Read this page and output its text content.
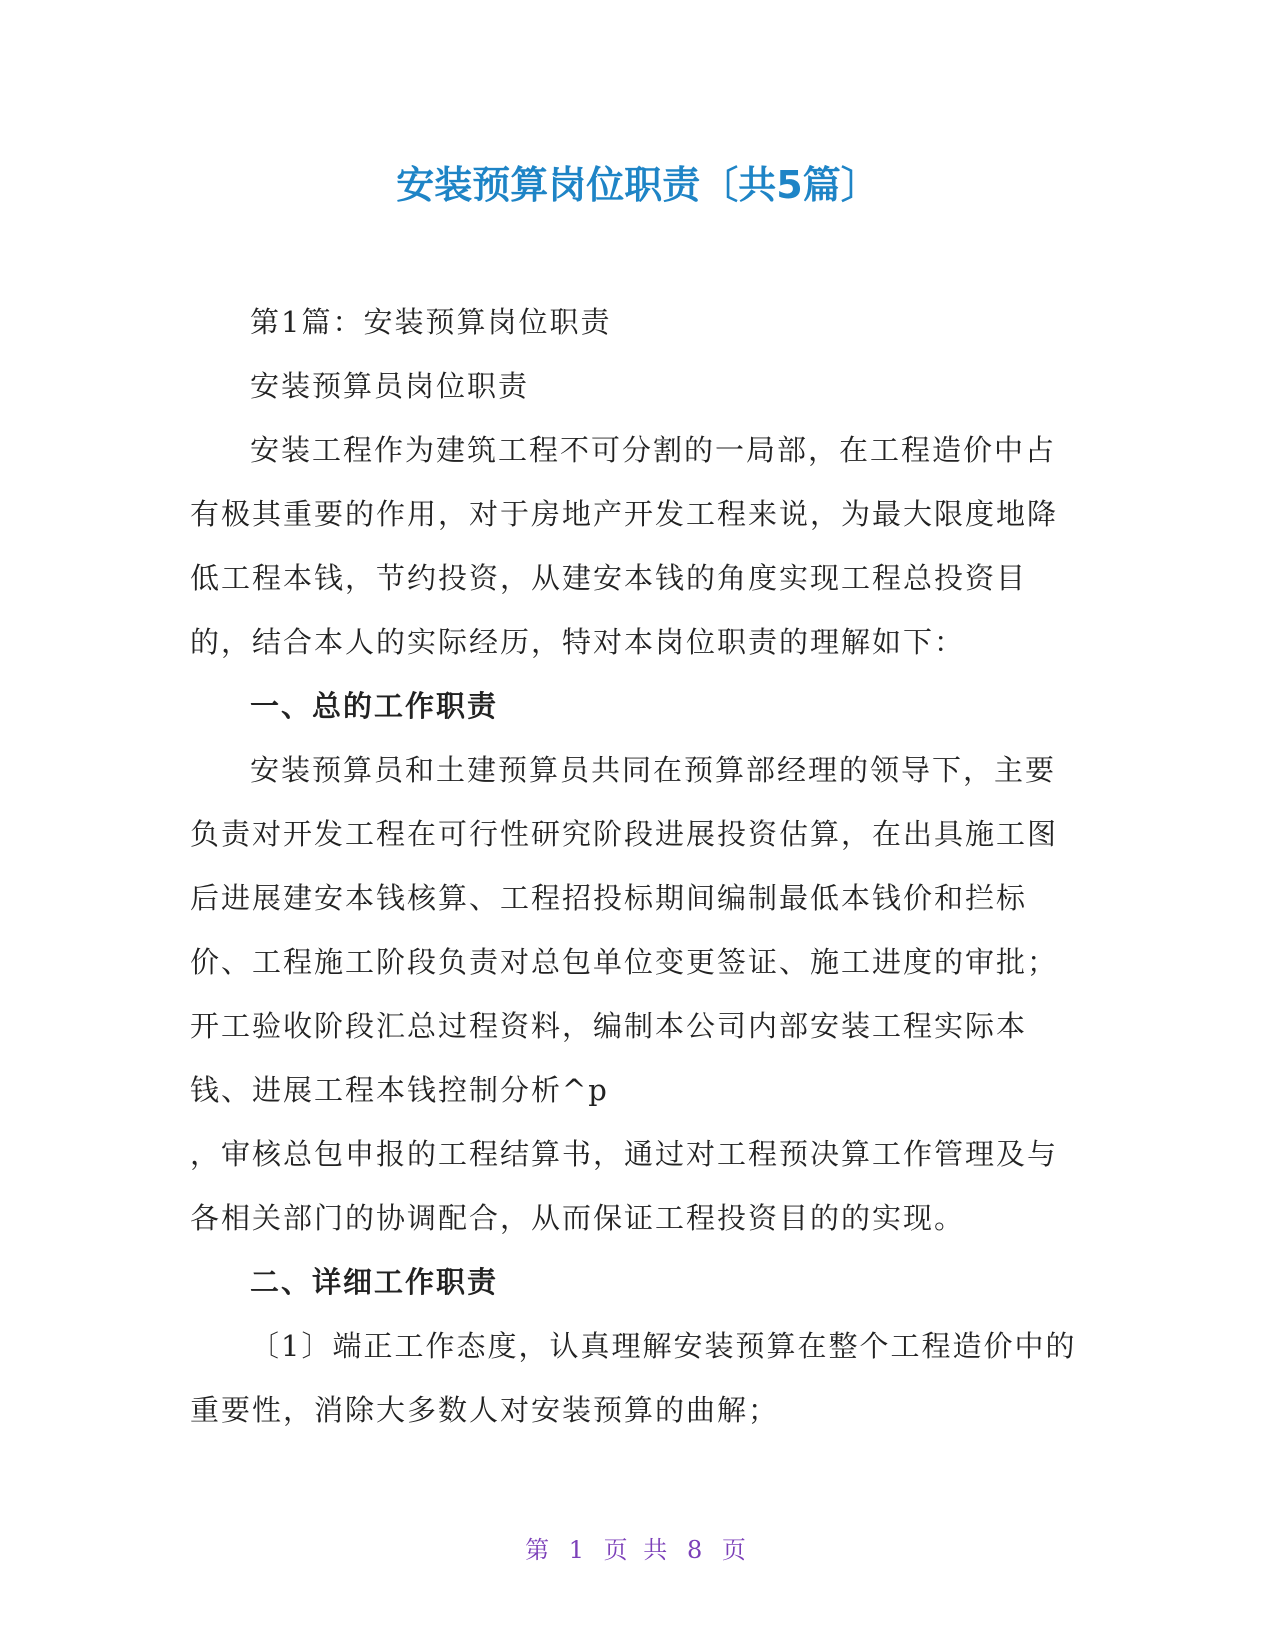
安装预算岗位职责〔共5篇〕

第1篇：安装预算岗位职责

安装预算员岗位职责

安装工程作为建筑工程不可分割的一局部，在工程造价中占有极其重要的作用，对于房地产开发工程来说，为最大限度地降低工程本钱，节约投资，从建安本钱的角度实现工程总投资目的，结合本人的实际经历，特对本岗位职责的理解如下：

一、总的工作职责

安装预算员和土建预算员共同在预算部经理的领导下，主要负责对开发工程在可行性研究阶段进展投资估算，在出具施工图后进展建安本钱核算、工程招投标期间编制最低本钱价和拦标价、工程施工阶段负责对总包单位变更签证、施工进度的审批；开工验收阶段汇总过程资料，编制本公司内部安装工程实际本钱、进展工程本钱控制分析^p

，审核总包申报的工程结算书，通过对工程预决算工作管理及与各相关部门的协调配合，从而保证工程投资目的的实现。

二、详细工作职责

〔1〕端正工作态度，认真理解安装预算在整个工程造价中的重要性，消除大多数人对安装预算的曲解；

第 1 页 共 8 页
